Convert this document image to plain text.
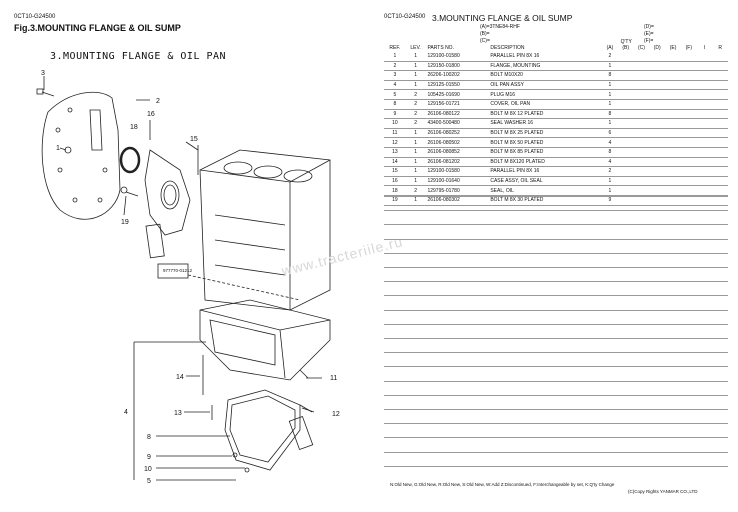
0CT10-G24500
Fig.3.MOUNTING FLANGE & OIL SUMP
3.MOUNTING FLANGE & OIL PAN
3
2
18
16
15
19
1
14	11
13	12
8
9
10
5
4
977770-01212	www.tracteriile.ru
0CT10-G24500 3.MOUNTING FLANGE & OIL SUMP
(A)=3TNE84-RHF
(B)=
(C)=
(D)=
(E)=
(F)=
REF.	LEV.	PARTS NO.	DESCRIPTION	Q'TY
(A)	(B)	(C)	(D)	(E)	(F)	I	R
1	1	129100-01580	PARALLEL PIN 8X 16	2							
2	1	129150-01800	FLANGE, MOUNTING	1							
3	1	26206-100202	BOLT M10X20	8							
4	1	129125-01550	OIL PAN ASSY	1							
5	2	105425-01690	PLUG M16	1							
8	2	129156-01721	COVER, OIL PAN	1							
9	2	26106-080122	BOLT M 8X 12 PLATED	8							
10	2	43400-500480	SEAL WASHER 16	1							
11	1	26106-080252	BOLT M 8X 25 PLATED	6							
12	1	26106-080502	BOLT M 8X 50 PLATED	4							
13	1	26106-080852	BOLT M 8X 85 PLATED	8							
14	1	26106-081202	BOLT M 8X120 PLATED	4							
15	1	129100-01580	PARALLEL PIN 8X 16	2							
16	1	129100-01640	CASE ASSY, OIL SEAL	1							
18	2	129795-01780	SEAL, OIL	1							
19	1	26106-080302	BOLT M 8X 30 PLATED	9							
N:Old New, G:Old New, R:Old New, S:Old New, W:Add Z:Discontinued, F:Interchangeable by set, K:Q'ty Change
(C)Copy Rights YANMAR CO.,LTD
